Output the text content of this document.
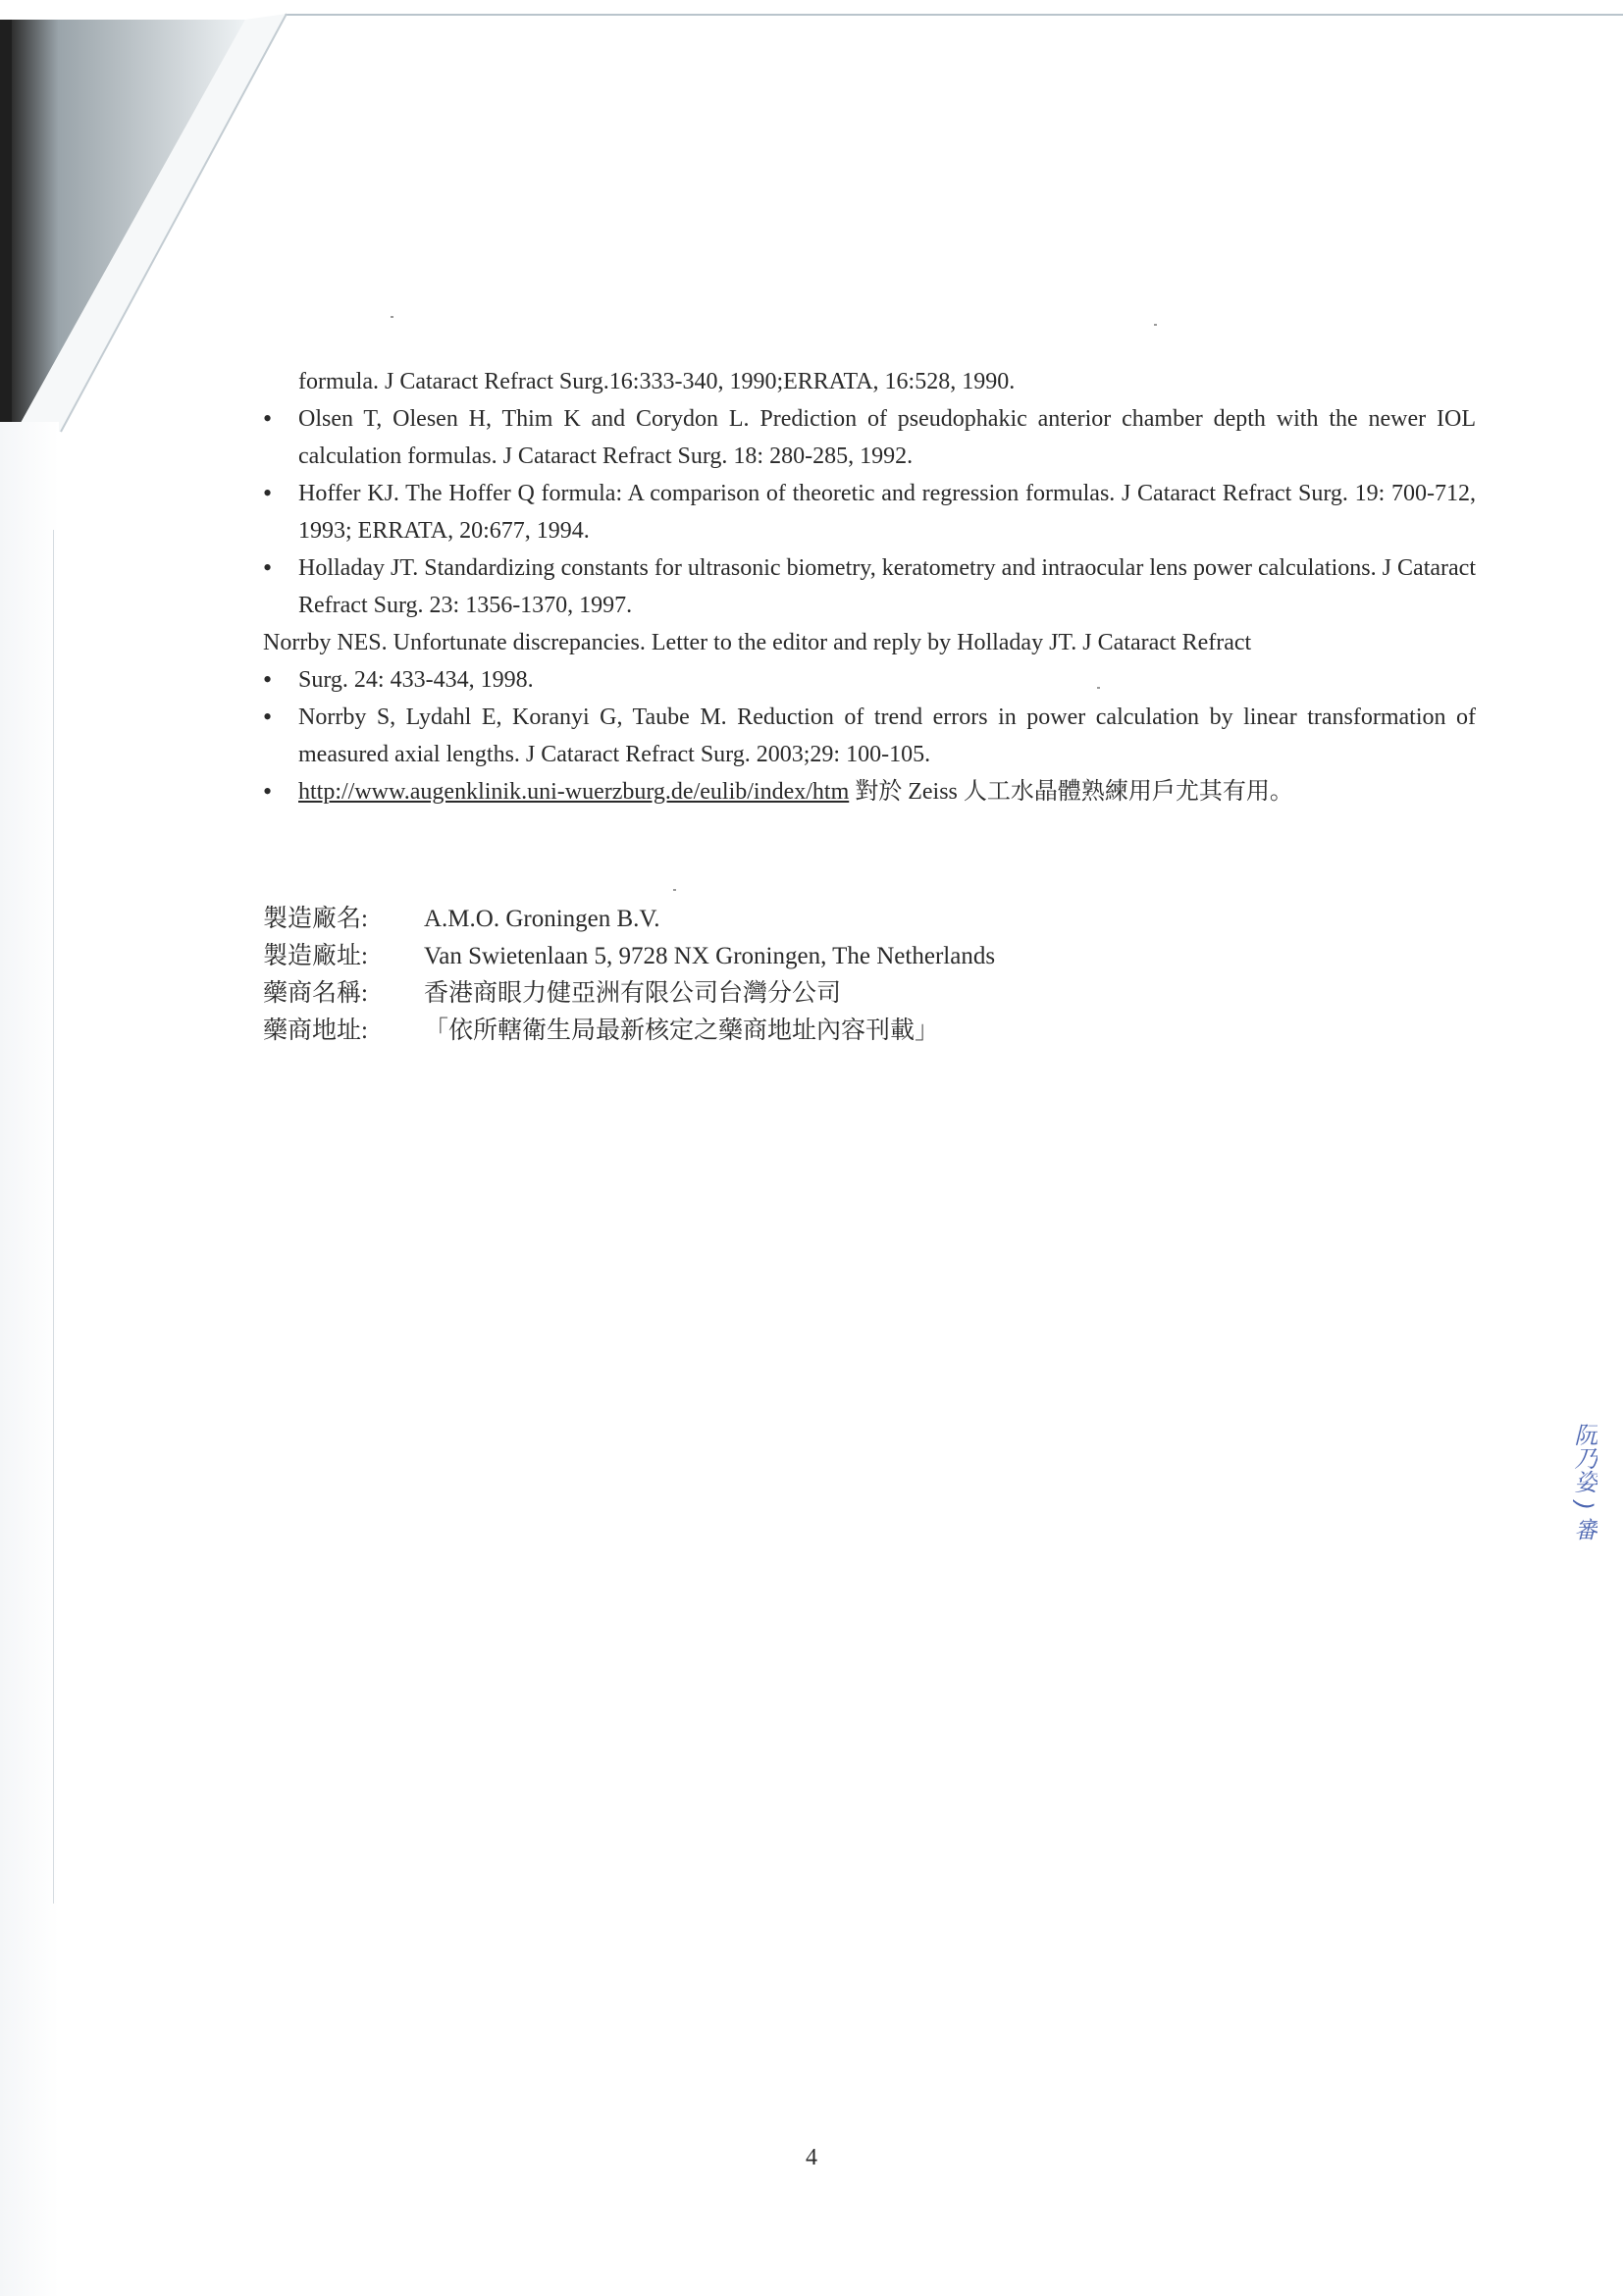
formula. J Cataract Refract Surg.16:333-340, 1990;ERRATA, 16:528, 1990.

• Olsen T, Olesen H, Thim K and Corydon L. Prediction of pseudophakic anterior chamber depth with the newer IOL calculation formulas. J Cataract Refract Surg. 18: 280-285, 1992.
• Hoffer KJ. The Hoffer Q formula: A comparison of theoretic and regression formulas. J Cataract Refract Surg. 19: 700-712, 1993; ERRATA, 20:677, 1994.
• Holladay JT. Standardizing constants for ultrasonic biometry, keratometry and intraocular lens power calculations. J Cataract Refract Surg. 23: 1356-1370, 1997.

Norrby NES. Unfortunate discrepancies. Letter to the editor and reply by Holladay JT. J Cataract Refract

• Surg. 24: 433-434, 1998.
• Norrby S, Lydahl E, Koranyi G, Taube M. Reduction of trend errors in power calculation by linear transformation of measured axial lengths. J Cataract Refract Surg. 2003;29: 100-105.
• http://www.augenklinik.uni-wuerzburg.de/eulib/index/htm 對於 Zeiss 人工水晶體熟練用戶尤其有用。
製造廠名:	A.M.O. Groningen B.V.
製造廠址:	Van Swietenlaan 5, 9728 NX Groningen, The Netherlands
藥商名稱:	香港商眼力健亞洲有限公司台灣分公司
藥商地址:	「依所轄衛生局最新核定之藥商地址內容刊載」
阮乃姿 ) 審
4
